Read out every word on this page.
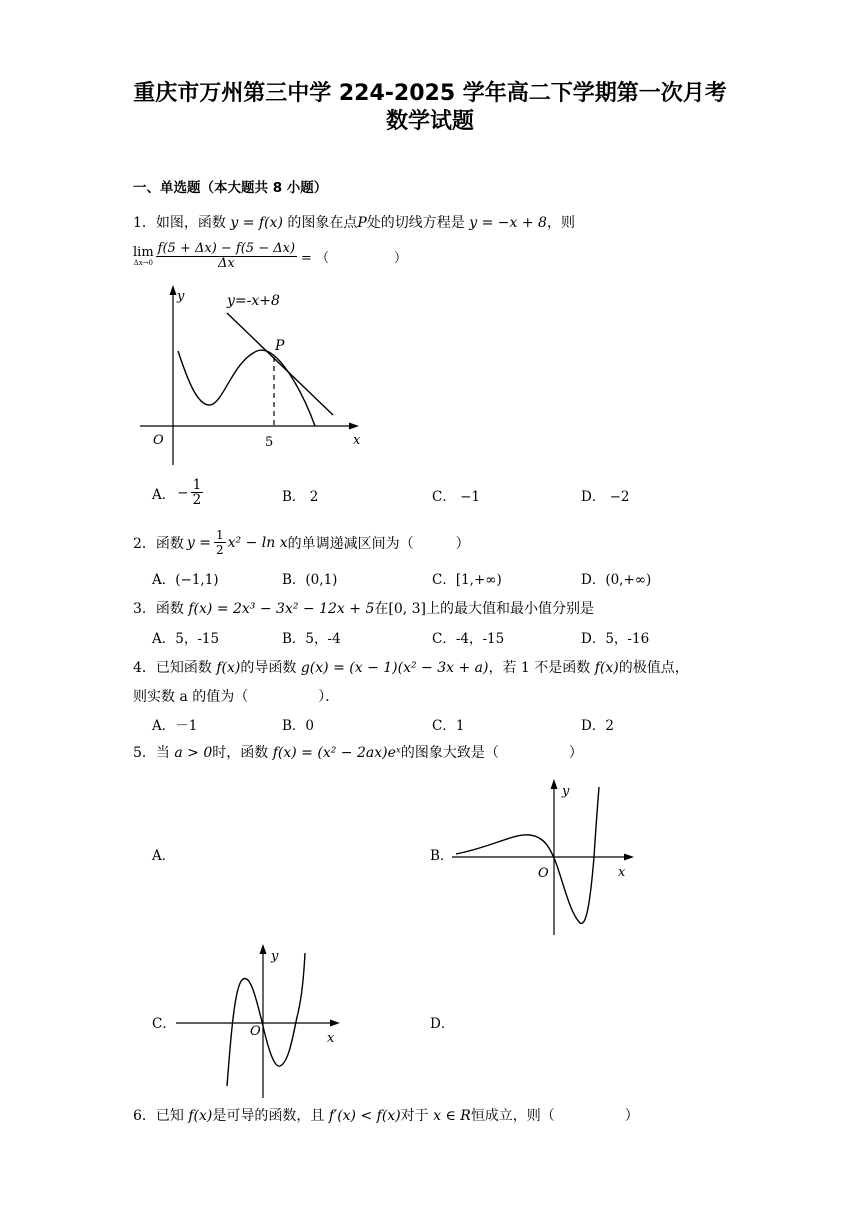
重庆市万州第三中学 224-2025 学年高二下学期第一次月考
数学试题
一、单选题（本大题共 8 小题）
1．如图，函数 y = f(x) 的图象在点P处的切线方程是 y = −x + 8，则
lim
$\Delta x\to 0 \frac{f(5 + \Delta x) - f(5 - \Delta x)}{\Delta x}$ = （　　　　　）
y
x
O	5
P
y=-x+8
A． − $\frac{1}{2}$	B． 2	C． −1	D． −2
2． 函数 $y = \frac{1}{2} x^2 - \ln x$ 的单调递减区间为（　　　）
A．(−1,1)	B．(0,1)	C．[1,+∞)	D．(0,+∞)
3．函数 f(x) = 2x³ − 3x² − 12x + 5在[0, 3]上的最大值和最小值分别是
A．5，-15	B．5，-4	C．-4，-15	D．5，-16
4．已知函数 f(x)的导函数 g(x) = (x − 1)(x² − 3x + a)，若 1 不是函数 f(x)的极值点，
则实数 a 的值为（　　　　　）．
A．－1	B．0	C．1	D．2
5．当 a > 0时，函数 f(x) = (x² − 2ax)eˣ的图象大致是（　　　　　）
A．	B．
y
x
O
y
x
O
C．	D．
6．已知 f(x)是可导的函数，且 f′(x) < f(x)对于 x ∈ R恒成立，则（　　　　　）
